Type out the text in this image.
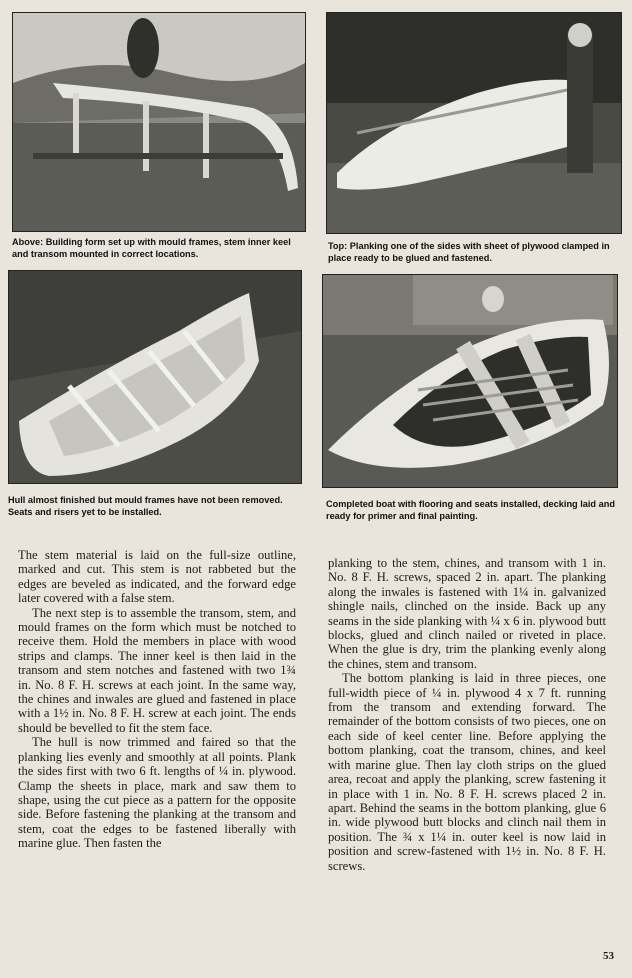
Above: Building form set up with mould frames, stem inner keel and transom mounted in correct locations.
Top: Planking one of the sides with sheet of plywood clamped in place ready to be glued and fastened.
Hull almost finished but mould frames have not been removed. Seats and risers yet to be installed.
Completed boat with flooring and seats installed, decking laid and ready for primer and final painting.

The stem material is laid on the full-size outline, marked and cut. This stem is not rabbeted but the edges are beveled as indicated, and the forward edge later covered with a false stem.

The next step is to assemble the transom, stem, and mould frames on the form which must be notched to receive them. Hold the members in place with wood strips and clamps. The inner keel is then laid in the transom and stem notches and fastened with two 1¾ in. No. 8 F. H. screws at each joint. In the same way, the chines and inwales are glued and fastened in place with a 1½ in. No. 8 F. H. screw at each joint. The ends should be bevelled to fit the stem face.

The hull is now trimmed and faired so that the planking lies evenly and smoothly at all points. Plank the sides first with two 6 ft. lengths of ¼ in. plywood. Clamp the sheets in place, mark and saw them to shape, using the cut piece as a pattern for the opposite side. Before fastening the planking at the transom and stem, coat the edges to be fastened liberally with marine glue. Then fasten the

planking to the stem, chines, and transom with 1 in. No. 8 F. H. screws, spaced 2 in. apart. The planking along the inwales is fastened with 1¼ in. galvanized shingle nails, clinched on the inside. Back up any seams in the side planking with ¼ x 6 in. plywood butt blocks, glued and clinch nailed or riveted in place. When the glue is dry, trim the planking evenly along the chines, stem and transom.

The bottom planking is laid in three pieces, one full-width piece of ¼ in. plywood 4 x 7 ft. running from the transom and extending forward. The remainder of the bottom consists of two pieces, one on each side of keel center line. Before applying the bottom planking, coat the transom, chines, and keel with marine glue. Then lay cloth strips on the glued area, recoat and apply the planking, screw fastening it in place with 1 in. No. 8 F. H. screws placed 2 in. apart. Behind the seams in the bottom planking, glue 6 in. wide plywood butt blocks and clinch nail them in position. The ¾ x 1¼ in. outer keel is now laid in position and screw-fastened with 1½ in. No. 8 F. H. screws.

53
